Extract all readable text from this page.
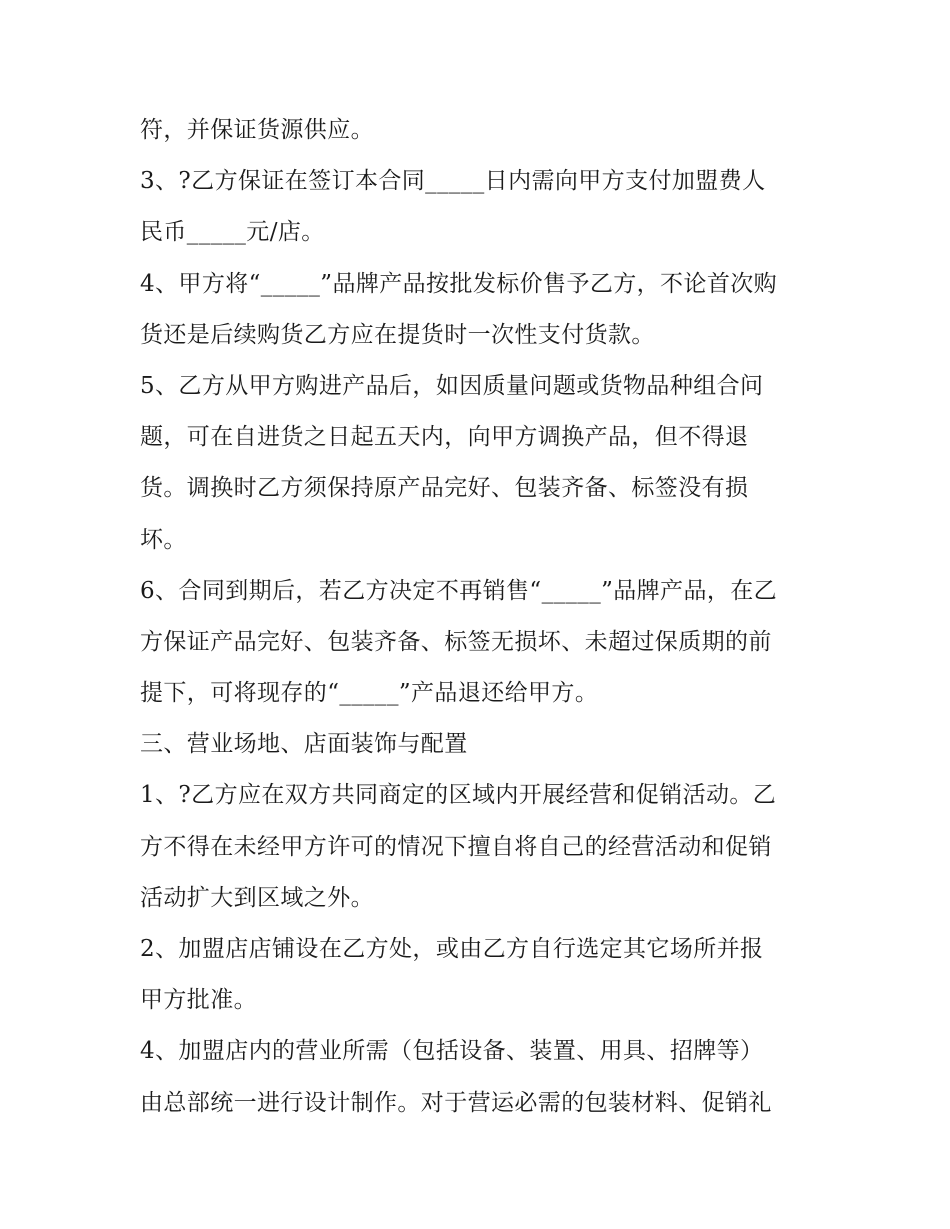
符，并保证货源供应。
3、?乙方保证在签订本合同_____日内需向甲方支付加盟费人
民币_____元/店。
4、甲方将“_____”品牌产品按批发标价售予乙方，不论首次购
货还是后续购货乙方应在提货时一次性支付货款。
5、乙方从甲方购进产品后，如因质量问题或货物品种组合问
题，可在自进货之日起五天内，向甲方调换产品，但不得退
货。调换时乙方须保持原产品完好、包装齐备、标签没有损
坏。
6、合同到期后，若乙方决定不再销售“_____”品牌产品，在乙
方保证产品完好、包装齐备、标签无损坏、未超过保质期的前
提下，可将现存的“_____”产品退还给甲方。
三、营业场地、店面装饰与配置
1、?乙方应在双方共同商定的区域内开展经营和促销活动。乙
方不得在未经甲方许可的情况下擅自将自己的经营活动和促销
活动扩大到区域之外。
2、加盟店店铺设在乙方处，或由乙方自行选定其它场所并报
甲方批准。
4、加盟店内的营业所需（包括设备、装置、用具、招牌等）
由总部统一进行设计制作。对于营运必需的包装材料、促销礼
